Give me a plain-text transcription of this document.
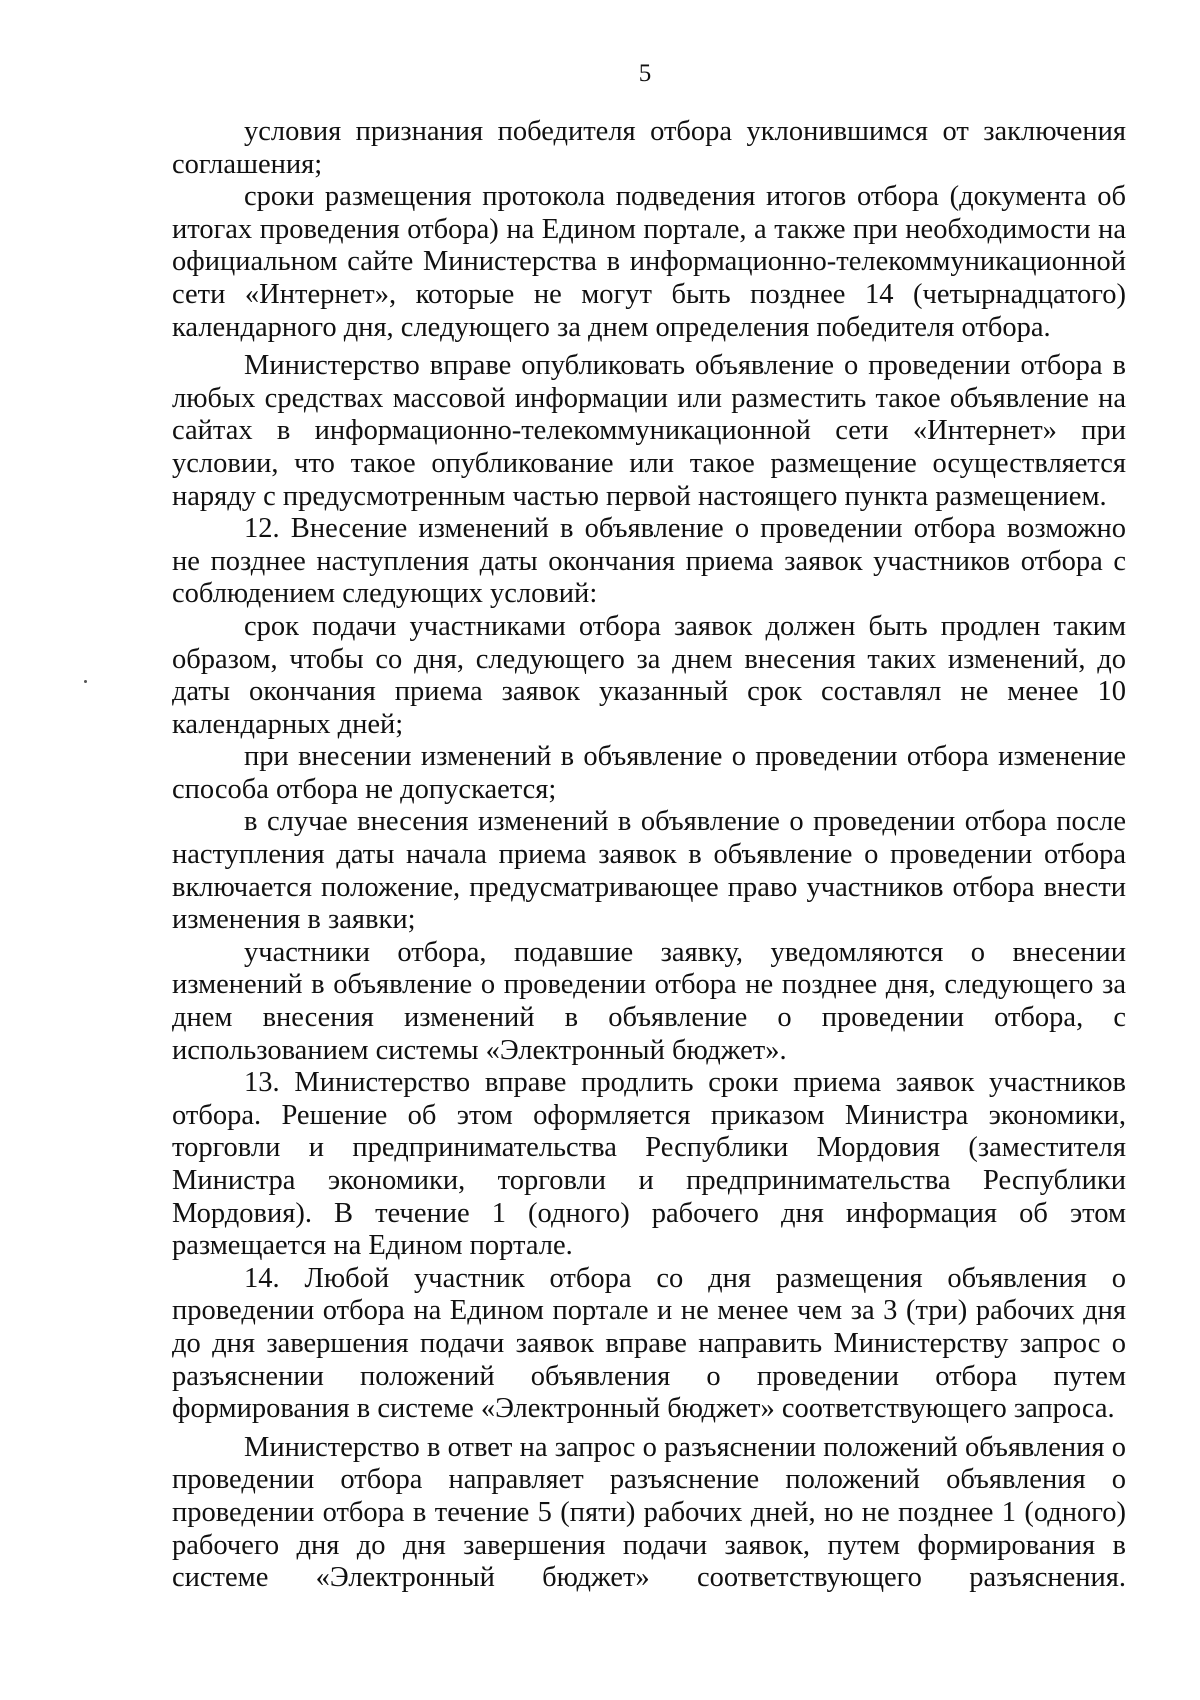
5

условия признания победителя отбора уклонившимся от заключения соглашения;

сроки размещения протокола подведения итогов отбора (документа об итогах проведения отбора) на Едином портале, а также при необходимости на официальном сайте Министерства в информационно-телекоммуникационной сети «Интернет», которые не могут быть позднее 14 (четырнадцатого) календарного дня, следующего за днем определения победителя отбора.

Министерство вправе опубликовать объявление о проведении отбора в любых средствах массовой информации или разместить такое объявление на сайтах в информационно-телекоммуникационной сети «Интернет» при условии, что такое опубликование или такое размещение осуществляется наряду с предусмотренным частью первой настоящего пункта размещением.

12. Внесение изменений в объявление о проведении отбора возможно не позднее наступления даты окончания приема заявок участников отбора с соблюдением следующих условий:

срок подачи участниками отбора заявок должен быть продлен таким образом, чтобы со дня, следующего за днем внесения таких изменений, до даты окончания приема заявок указанный срок составлял не менее 10 календарных дней;

при внесении изменений в объявление о проведении отбора изменение способа отбора не допускается;

в случае внесения изменений в объявление о проведении отбора после наступления даты начала приема заявок в объявление о проведении отбора включается положение, предусматривающее право участников отбора внести изменения в заявки;

участники отбора, подавшие заявку, уведомляются о внесении изменений в объявление о проведении отбора не позднее дня, следующего за днем внесения изменений в объявление о проведении отбора, с использованием системы «Электронный бюджет».

13. Министерство вправе продлить сроки приема заявок участников отбора. Решение об этом оформляется приказом Министра экономики, торговли и предпринимательства Республики Мордовия (заместителя Министра экономики, торговли и предпринимательства Республики Мордовия). В течение 1 (одного) рабочего дня информация об этом размещается на Едином портале.

14. Любой участник отбора со дня размещения объявления о проведении отбора на Едином портале и не менее чем за 3 (три) рабочих дня до дня завершения подачи заявок вправе направить Министерству запрос о разъяснении положений объявления о проведении отбора путем формирования в системе «Электронный бюджет» соответствующего запроса.

Министерство в ответ на запрос о разъяснении положений объявления о проведении отбора направляет разъяснение положений объявления о проведении отбора в течение 5 (пяти) рабочих дней, но не позднее 1 (одного) рабочего дня до дня завершения подачи заявок, путем формирования в системе «Электронный бюджет» соответствующего разъяснения.
